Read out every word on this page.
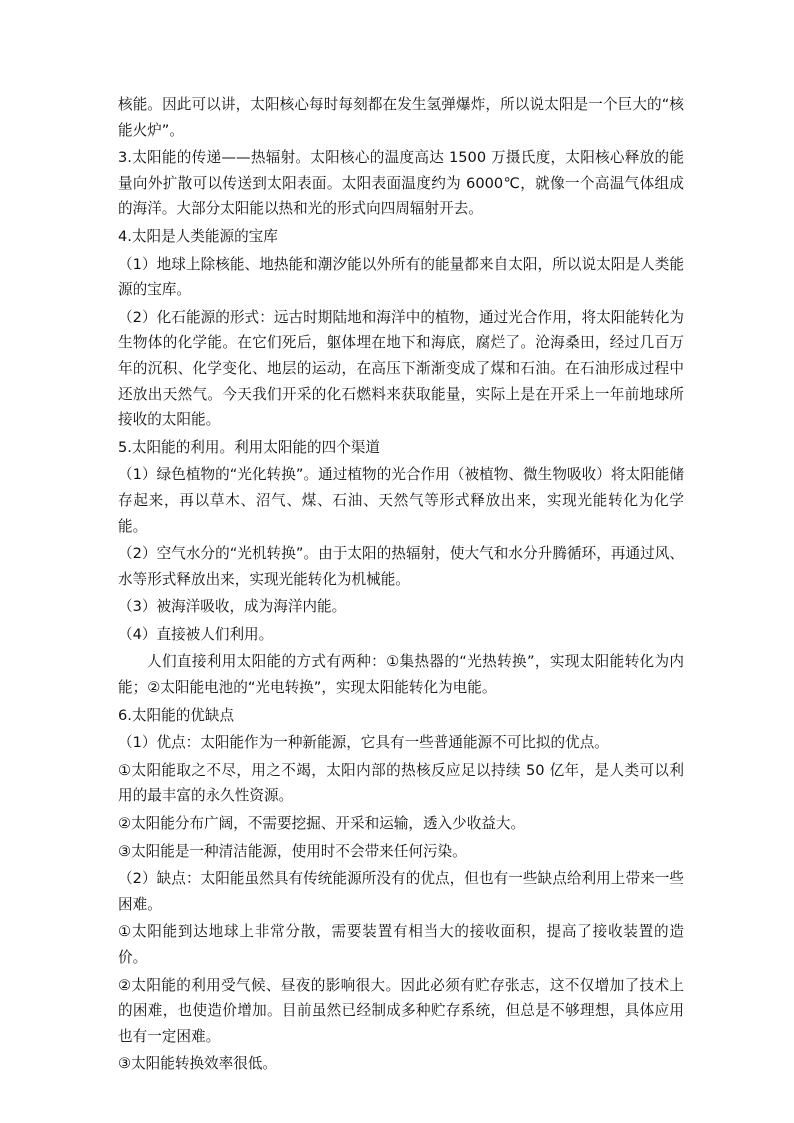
核能。因此可以讲，太阳核心每时每刻都在发生氢弹爆炸，所以说太阳是一个巨大的“核能火炉”。

3.太阳能的传递——热辐射。太阳核心的温度高达 1500 万摄氏度，太阳核心释放的能量向外扩散可以传送到太阳表面。太阳表面温度约为 6000℃，就像一个高温气体组成的海洋。大部分太阳能以热和光的形式向四周辐射开去。

4.太阳是人类能源的宝库

（1）地球上除核能、地热能和潮汐能以外所有的能量都来自太阳，所以说太阳是人类能源的宝库。

（2）化石能源的形式：远古时期陆地和海洋中的植物，通过光合作用，将太阳能转化为生物体的化学能。在它们死后，躯体埋在地下和海底，腐烂了。沧海桑田，经过几百万年的沉积、化学变化、地层的运动，在高压下渐渐变成了煤和石油。在石油形成过程中还放出天然气。今天我们开采的化石燃料来获取能量，实际上是在开采上一年前地球所接收的太阳能。

5.太阳能的利用。利用太阳能的四个渠道

（1）绿色植物的“光化转换”。通过植物的光合作用（被植物、微生物吸收）将太阳能储存起来，再以草木、沼气、煤、石油、天然气等形式释放出来，实现光能转化为化学能。

（2）空气水分的“光机转换”。由于太阳的热辐射，使大气和水分升腾循环，再通过风、水等形式释放出来，实现光能转化为机械能。

（3）被海洋吸收，成为海洋内能。

（4）直接被人们利用。

人们直接利用太阳能的方式有两种：①集热器的“光热转换”，实现太阳能转化为内能；②太阳能电池的“光电转换”，实现太阳能转化为电能。

6.太阳能的优缺点

（1）优点：太阳能作为一种新能源，它具有一些普通能源不可比拟的优点。

①太阳能取之不尽，用之不竭，太阳内部的热核反应足以持续 50 亿年，是人类可以利用的最丰富的永久性资源。

②太阳能分布广阔，不需要挖掘、开采和运输，透入少收益大。

③太阳能是一种清洁能源，使用时不会带来任何污染。

（2）缺点：太阳能虽然具有传统能源所没有的优点，但也有一些缺点给利用上带来一些困难。

①太阳能到达地球上非常分散，需要装置有相当大的接收面积，提高了接收装置的造价。

②太阳能的利用受气候、昼夜的影响很大。因此必须有贮存张志，这不仅增加了技术上的困难，也使造价增加。目前虽然已经制成多种贮存系统，但总是不够理想，具体应用也有一定困难。

③太阳能转换效率很低。
